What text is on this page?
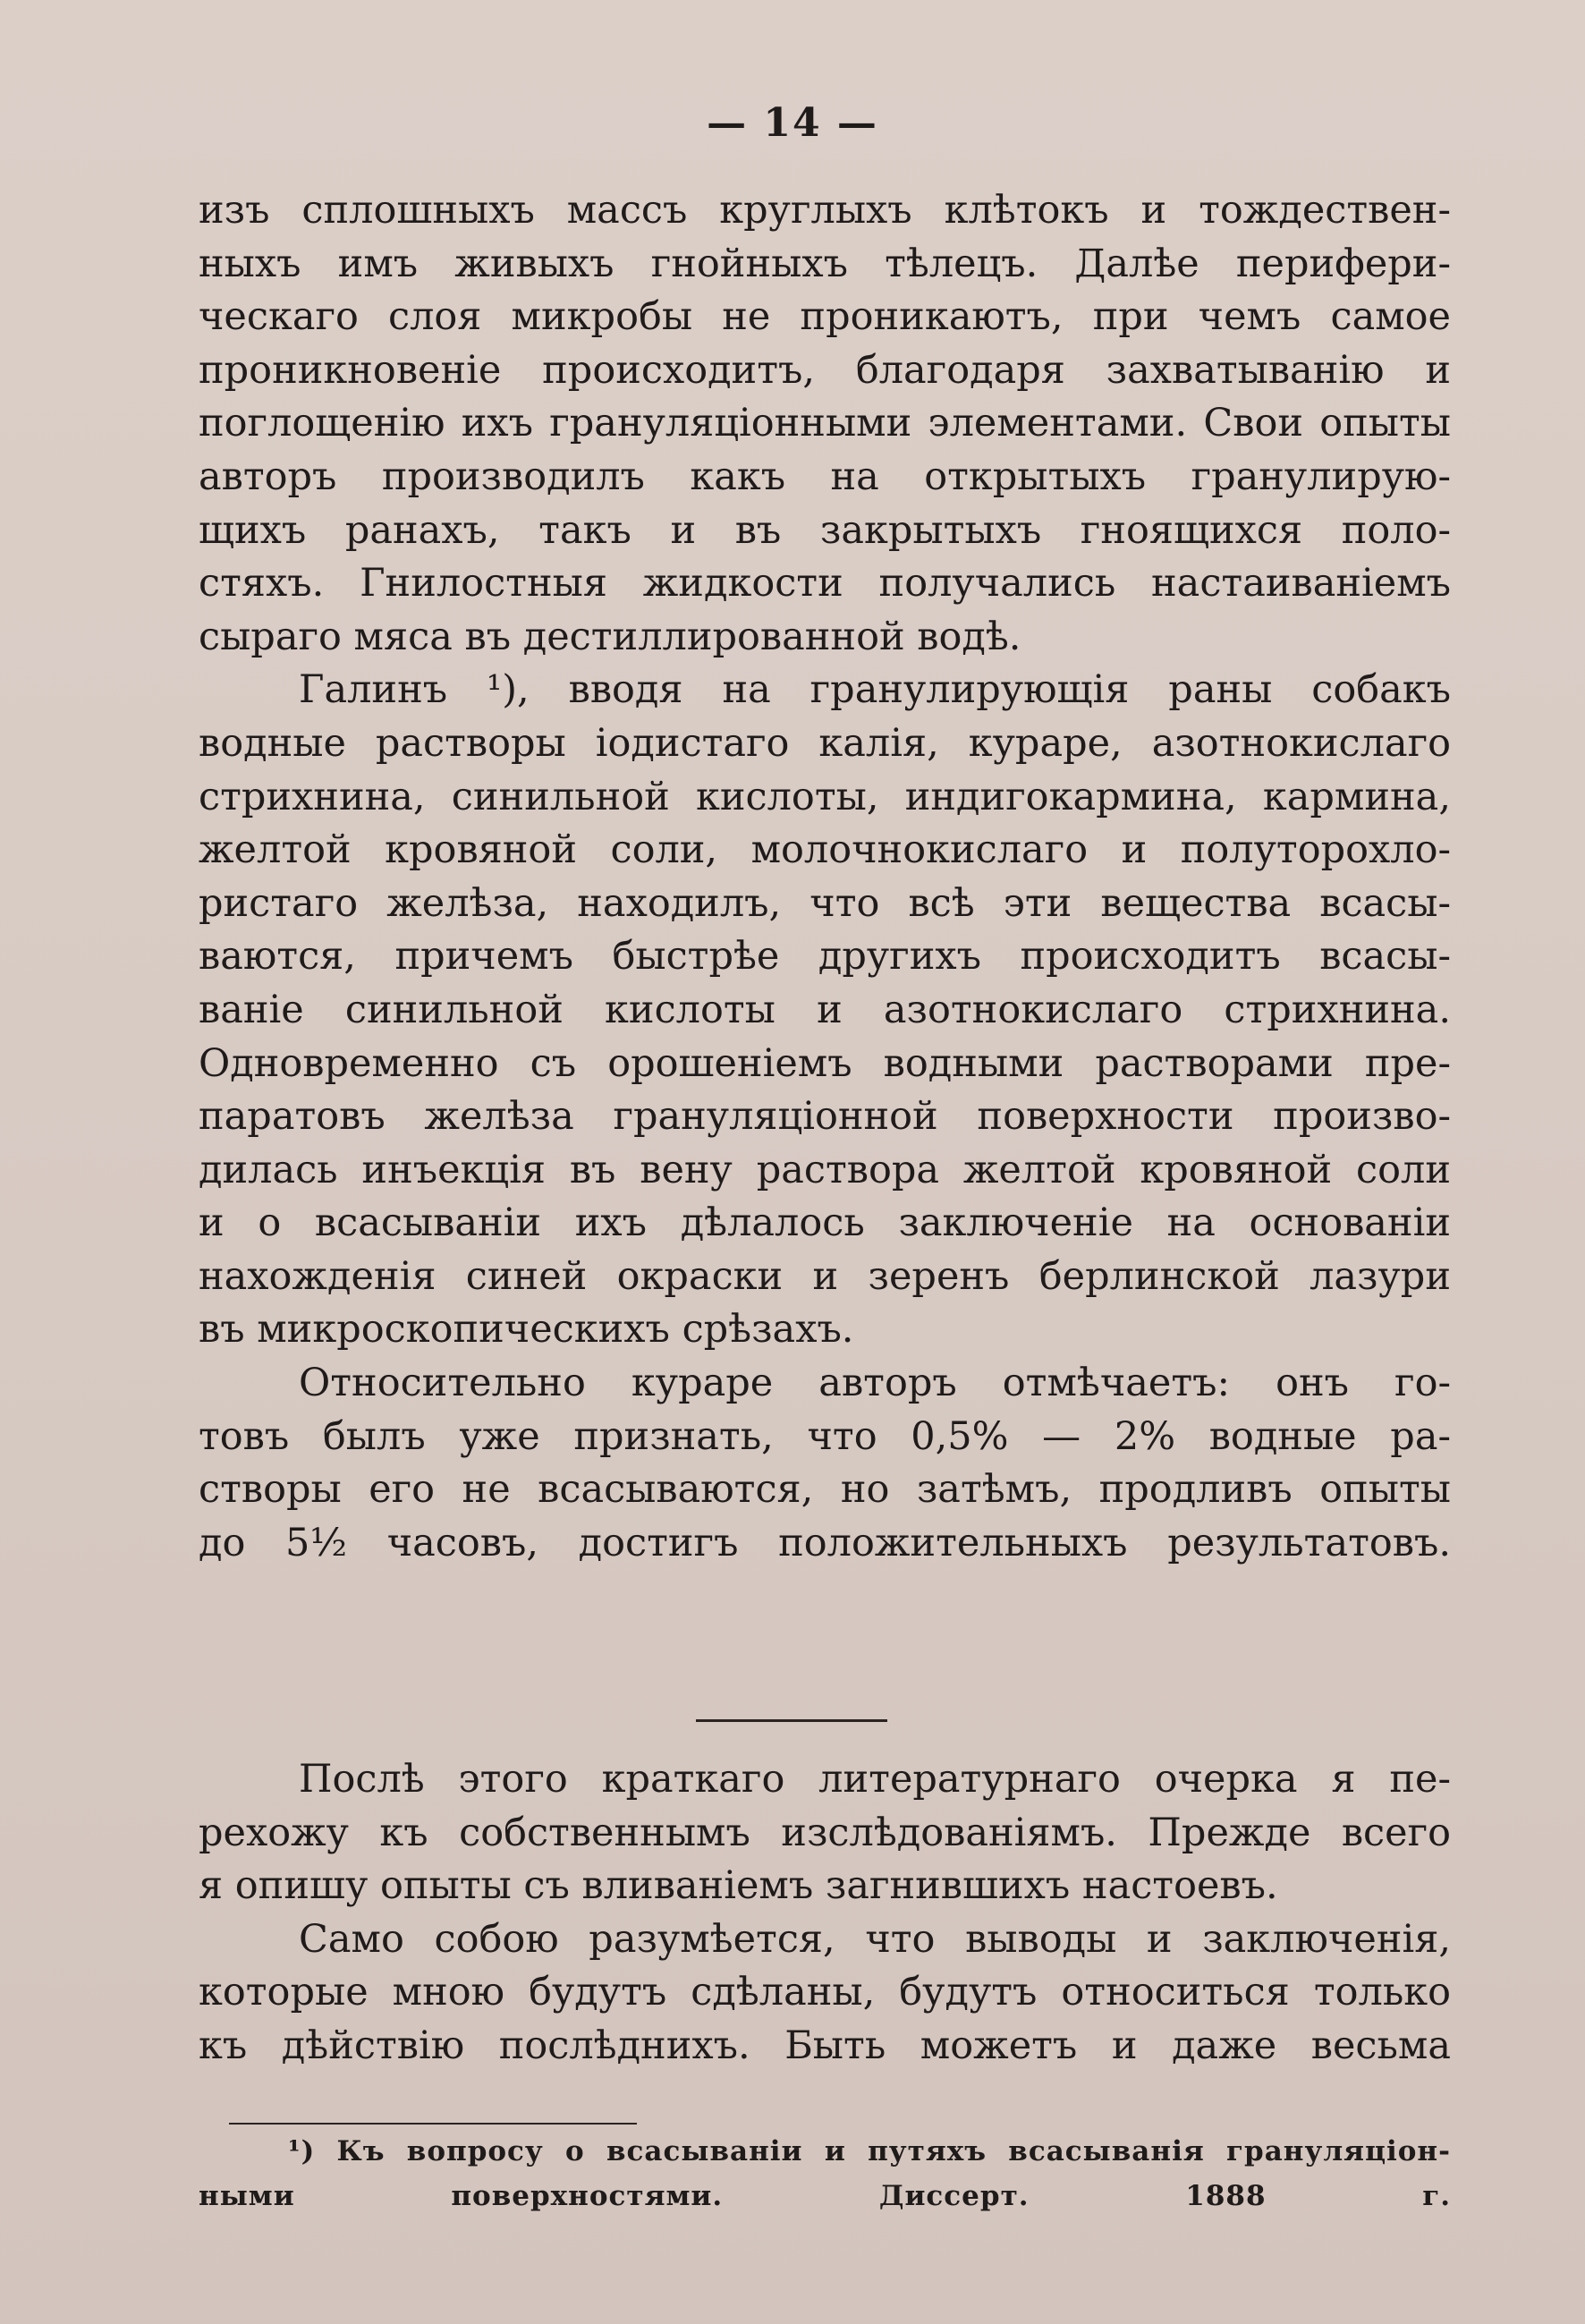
— 14 —
изъ сплошныхъ массъ круглыхъ клѣтокъ и тождествен-
ныхъ имъ живыхъ гнойныхъ тѣлецъ. Далѣе перифери-
ческаго слоя микробы не проникаютъ, при чемъ самое
проникновеніе происходитъ, благодаря захватыванію и
поглощенію ихъ грануляціонными элементами. Свои опыты
авторъ производилъ какъ на открытыхъ гранулирую-
щихъ ранахъ, такъ и въ закрытыхъ гноящихся поло-
стяхъ. Гнилостныя жидкости получались настаиваніемъ
сыраго мяса въ дестиллированной водѣ.
Галинъ ¹), вводя на гранулирующія раны собакъ
водные растворы іодистаго калія, кураре, азотнокислаго
стрихнина, синильной кислоты, индигокармина, кармина,
желтой кровяной соли, молочнокислаго и полуторохло-
ристаго желѣза, находилъ, что всѣ эти вещества всасы-
ваются, причемъ быстрѣе другихъ происходитъ всасы-
ваніе синильной кислоты и азотнокислаго стрихнина.
Одновременно съ орошеніемъ водными растворами пре-
паратовъ желѣза грануляціонной поверхности произво-
дилась инъекція въ вену раствора желтой кровяной соли
и о всасываніи ихъ дѣлалось заключеніе на основаніи
нахожденія синей окраски и зеренъ берлинской лазури
въ микроскопическихъ срѣзахъ.
Относительно кураре авторъ отмѣчаетъ: онъ го-
товъ былъ уже признать, что 0,5% — 2% водные ра-
створы его не всасываются, но затѣмъ, продливъ опыты
до 5½ часовъ, достигъ положительныхъ результатовъ.
Послѣ этого краткаго литературнаго очерка я пе-
рехожу къ собственнымъ изслѣдованіямъ. Прежде всего
я опишу опыты съ вливаніемъ загнившихъ настоевъ.
Само собою разумѣется, что выводы и заключенія,
которые мною будутъ сдѣланы, будутъ относиться только
къ дѣйствію послѣднихъ. Быть можетъ и даже весьма
¹) Къ вопросу о всасываніи и путяхъ всасыванія грануляціон-
ными поверхностями. Диссерт. 1888 г.
